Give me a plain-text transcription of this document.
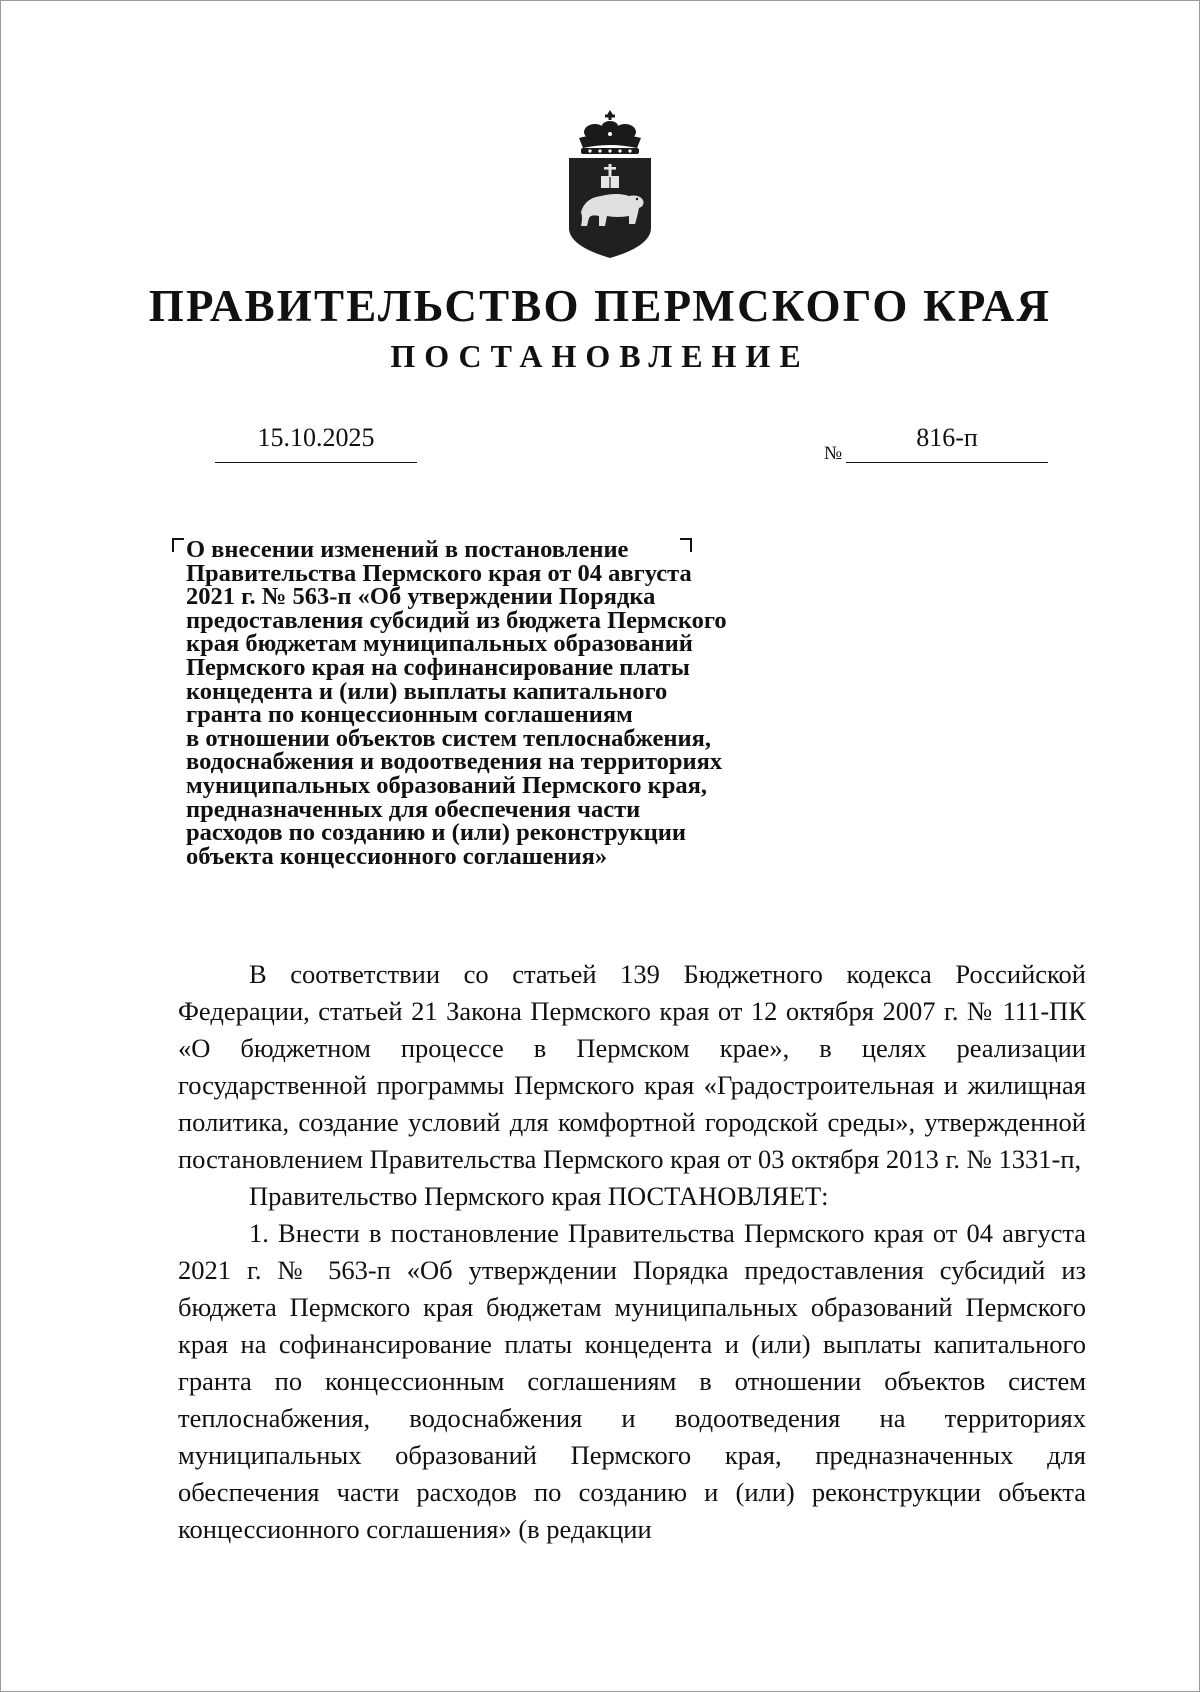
ПРАВИТЕЛЬСТВО ПЕРМСКОГО КРАЯ
ПОСТАНОВЛЕНИЕ
15.10.2025
№
816-п
О внесении изменений в постановление
Правительства Пермского края от 04 августа
2021 г. № 563-п «Об утверждении Порядка
предоставления субсидий из бюджета Пермского
края бюджетам муниципальных образований
Пермского края на софинансирование платы
концедента и (или) выплаты капитального
гранта по концессионным соглашениям
в отношении объектов систем теплоснабжения,
водоснабжения и водоотведения на территориях
муниципальных образований Пермского края,
предназначенных для обеспечения части
расходов по созданию и (или) реконструкции
объекта концессионного соглашения»

В соответствии со статьей 139 Бюджетного кодекса Российской Федерации, статьей 21 Закона Пермского края от 12 октября 2007 г. № 111-ПК «О бюджетном процессе в Пермском крае», в целях реализации государственной программы Пермского края «Градостроительная и жилищная политика, создание условий для комфортной городской среды», утвержденной постановлением Правительства Пермского края от 03 октября 2013 г. № 1331-п,

Правительство Пермского края ПОСТАНОВЛЯЕТ:

1. Внести в постановление Правительства Пермского края от 04 августа 2021 г. № 563-п «Об утверждении Порядка предоставления субсидий из бюджета Пермского края бюджетам муниципальных образований Пермского края на софинансирование платы концедента и (или) выплаты капитального гранта по концессионным соглашениям в отношении объектов систем теплоснабжения, водоснабжения и водоотведения на территориях муниципальных образований Пермского края, предназначенных для обеспечения части расходов по созданию и (или) реконструкции объекта концессионного соглашения» (в редакции
